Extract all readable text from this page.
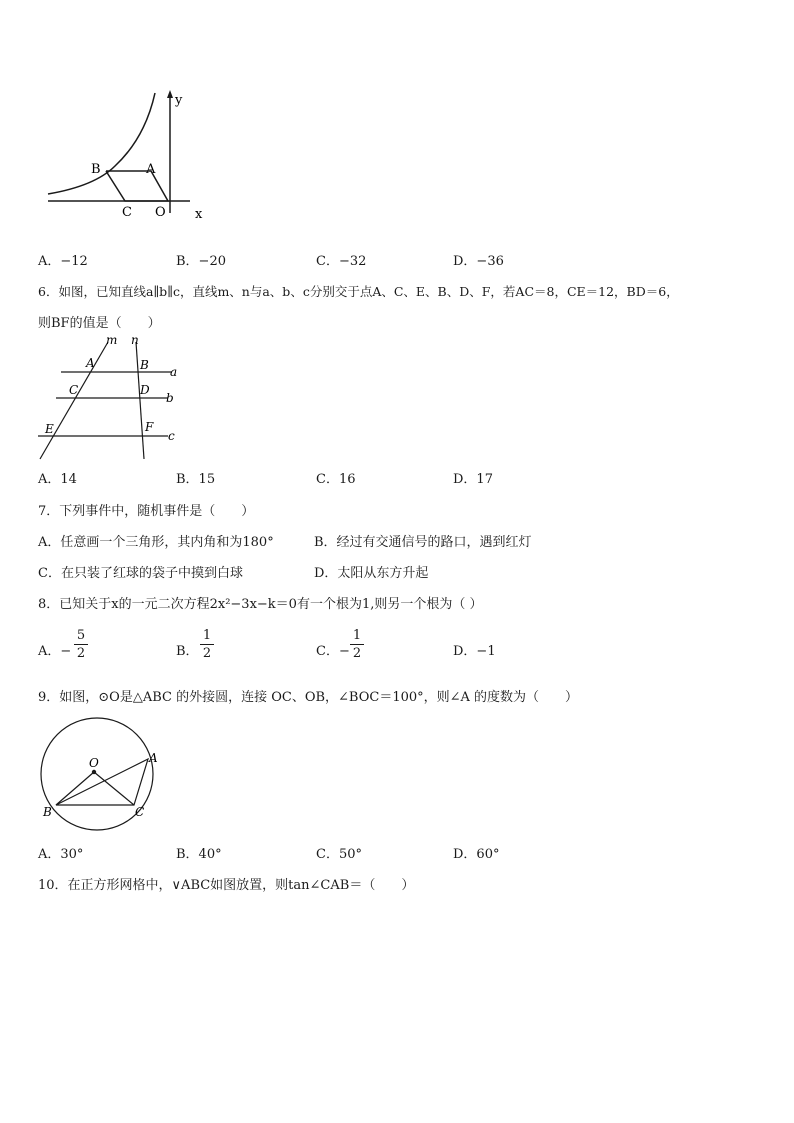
y
B	A
C O x
A．−12	B．−20	C．−32	D．−36
6．如图，已知直线a∥b∥c，直线m、n与a、b、c分别交于点A、C、E、B、D、F，若AC＝8，CE＝12，BD＝6，
则BF的值是（　　）
m n
A	B a
C	D
b
E	F
c
A．14	B．15	C．16	D．17
7．下列事件中，随机事件是（　　）
A．任意画一个三角形，其内角和为180°	B．经过有交通信号的路口，遇到红灯
C．在只装了红球的袋子中摸到白球	D．太阳从东方升起
8．已知关于x的一元二次方程2x²−3x−k＝0有一个根为1,则另一个根为（ ）
A．−
5
2	B．
1
2	C．−
1
2	D．−1
9．如图，⊙O是△ABC 的外接圆，连接 OC、OB，∠BOC＝100°，则∠A 的度数为（　　）
O	A
B	C
A．30°	B．40°	C．50°	D．60°
10．在正方形网格中，∨ABC如图放置，则tan∠CAB＝（　　）
